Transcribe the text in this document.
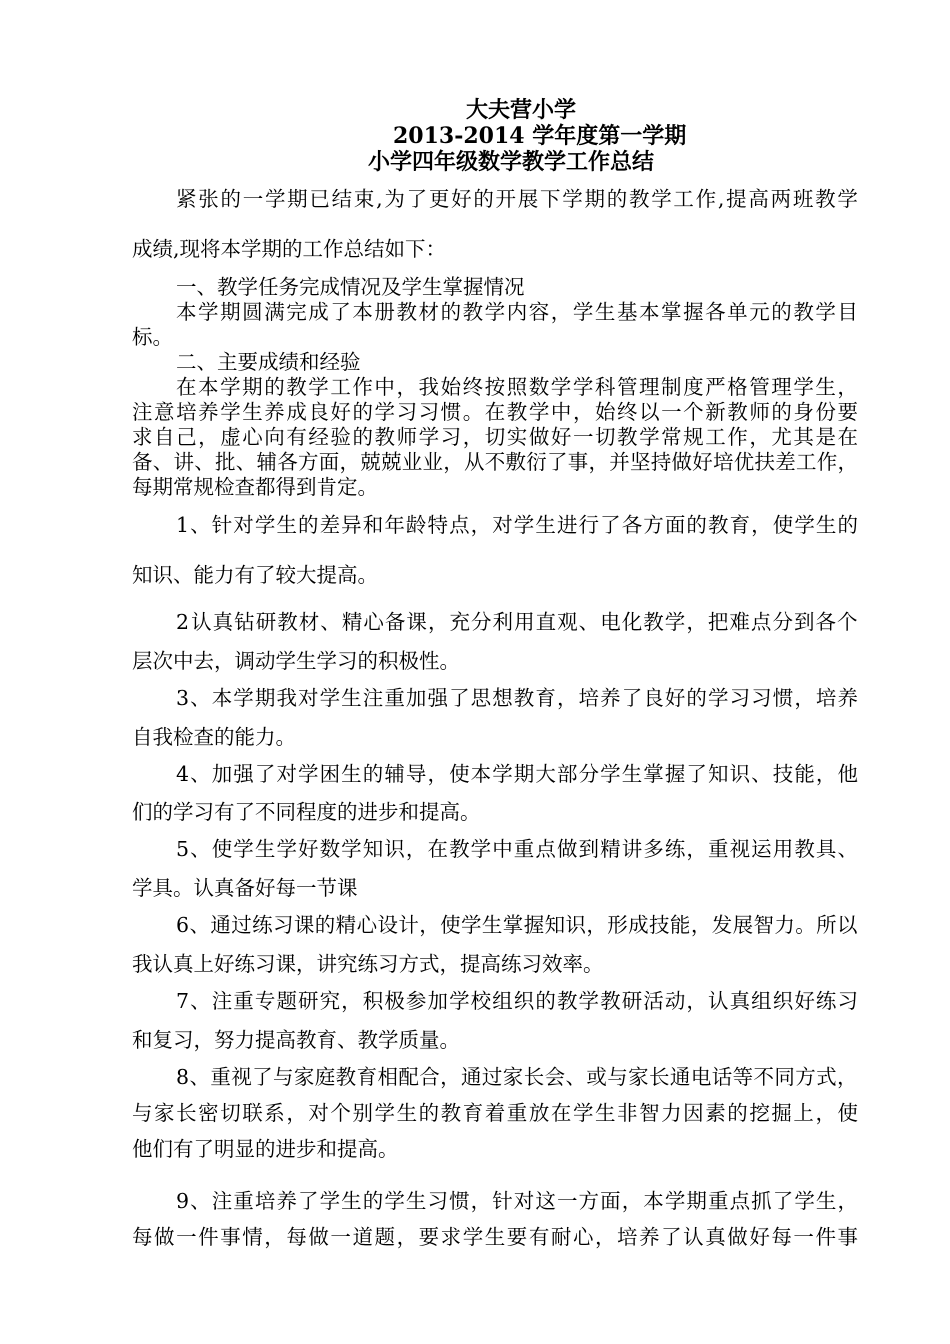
大夫营小学
2013-2014 学年度第一学期
小学四年级数学教学工作总结
紧 张 的 一 学 期 已 结 束 , 为 了 更 好 的 开 展 下 学 期 的 教 学 工 作 , 提 高 两 班 教 学
成绩,现将本学期的工作总结如下：
一、教学任务完成情况及学生掌握情况
本 学 期 圆 满 完 成 了 本 册 教 材 的 教 学 内 容 ， 学 生 基 本 掌 握 各 单 元 的 教 学 目
标。
二、主要成绩和经验
在 本 学 期 的 教 学 工 作 中 ， 我 始 终 按 照 数 学 学 科 管 理 制 度 严 格 管 理 学 生 ，
注 意 培 养 学 生 养 成 良 好 的 学 习 习 惯 。 在 教 学 中 ， 始 终 以 一 个 新 教 师 的 身 份 要
求 自 己 ， 虚 心 向 有 经 验 的 教 师 学 习 ， 切 实 做 好 一 切 教 学 常 规 工 作 ， 尤 其 是 在
备 、 讲 、 批 、 辅 各 方 面 ， 兢 兢 业 业 ， 从 不 敷 衍 了 事 ， 并 坚 持 做 好 培 优 扶 差 工 作 ，
每期常规检查都得到肯定。
1 、 针 对 学 生 的 差 异 和 年 龄 特 点 ， 对 学 生 进 行 了 各 方 面 的 教 育 ， 使 学 生 的
知识、能力有了较大提高。
2 认 真 钻 研 教 材 、 精 心 备 课 ， 充 分 利 用 直 观 、 电 化 教 学 ， 把 难 点 分 到 各 个
层次中去，调动学生学习的积极性。
3 、 本 学 期 我 对 学 生 注 重 加 强 了 思 想 教 育 ， 培 养 了 良 好 的 学 习 习 惯 ， 培 养
自我检查的能力。
4 、 加 强 了 对 学 困 生 的 辅 导 ， 使 本 学 期 大 部 分 学 生 掌 握 了 知 识 、 技 能 ， 他
们的学习有了不同程度的进步和提高。
5 、 使 学 生 学 好 数 学 知 识 ， 在 教 学 中 重 点 做 到 精 讲 多 练 ， 重 视 运 用 教 具 、
学具。认真备好每一节课
6 、 通 过 练 习 课 的 精 心 设 计 ， 使 学 生 掌 握 知 识 ， 形 成 技 能 ， 发 展 智 力 。 所 以
我认真上好练习课，讲究练习方式，提高练习效率。
7 、 注 重 专 题 研 究 ， 积 极 参 加 学 校 组 织 的 教 学 教 研 活 动 ， 认 真 组 织 好 练 习
和复习，努力提高教育、教学质量。
8 、 重 视 了 与 家 庭 教 育 相 配 合 ， 通 过 家 长 会 、 或 与 家 长 通 电 话 等 不 同 方 式 ，
与 家 长 密 切 联 系 ， 对 个 别 学 生 的 教 育 着 重 放 在 学 生 非 智 力 因 素 的 挖 掘 上 ， 使
他们有了明显的进步和提高。
9 、 注 重 培 养 了 学 生 的 学 生 习 惯 ， 针 对 这 一 方 面 ， 本 学 期 重 点 抓 了 学 生 ，
每 做 一 件 事 情 ， 每 做 一 道 题 ， 要 求 学 生 要 有 耐 心 ， 培 养 了 认 真 做 好 每 一 件 事
